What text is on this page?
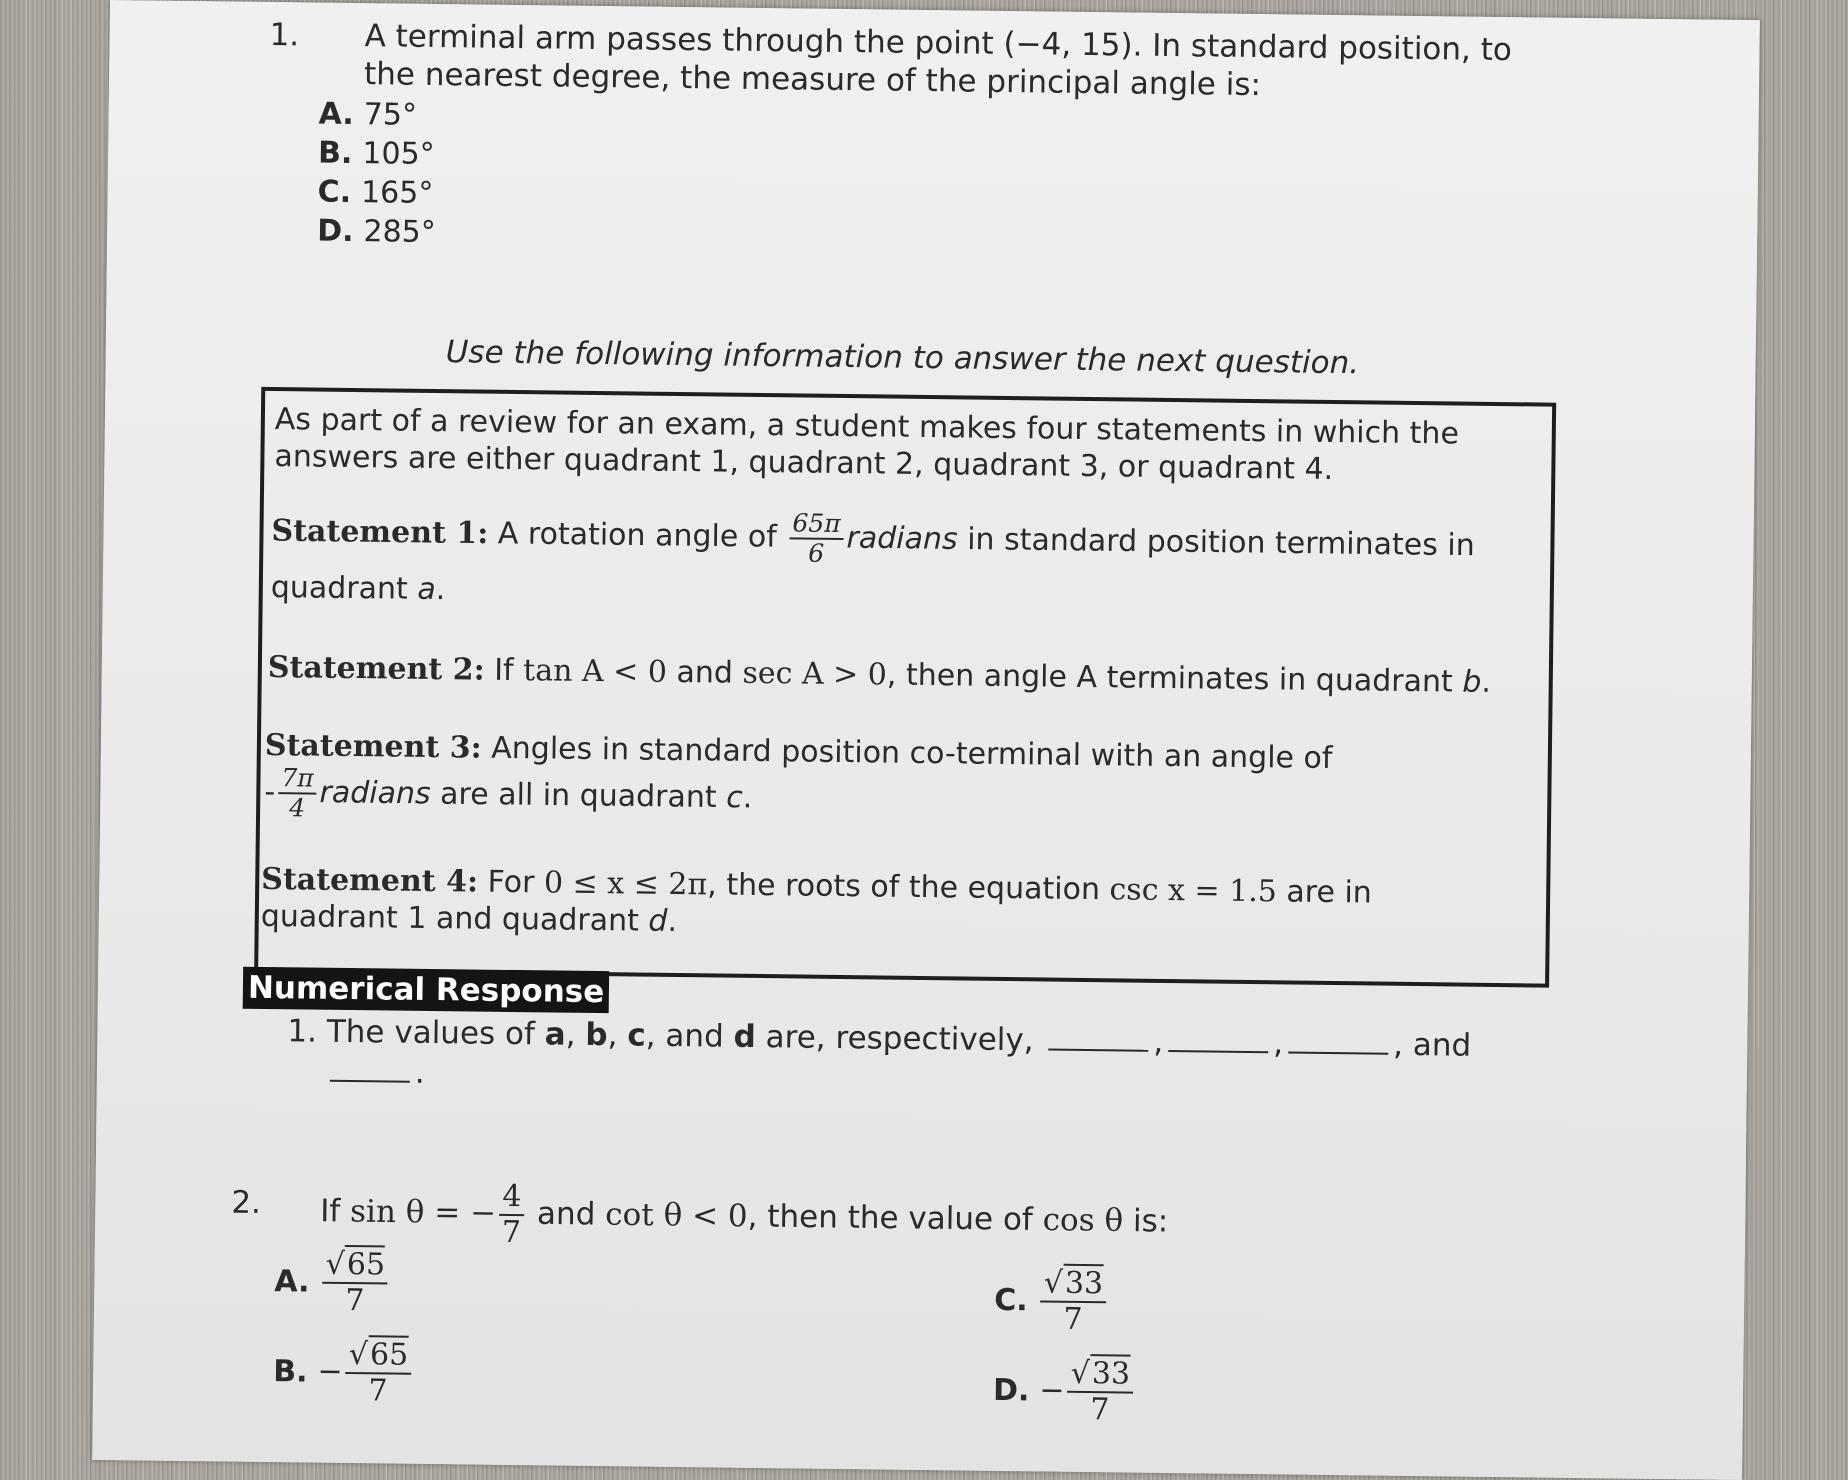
1. A terminal arm passes through the point (−4, 15). In standard position, to
the nearest degree, the measure of the principal angle is:
A. 75°
B. 105°
C. 165°
D. 285°
Use the following information to answer the next question.
As part of a review for an exam, a student makes four statements in which the
answers are either quadrant 1, quadrant 2, quadrant 3, or quadrant 4.
Statement 1: A rotation angle of $\frac{65\pi}{6}$ radians in standard position terminates in
quadrant a.
Statement 2: If tan A < 0 and sec A > 0, then angle A terminates in quadrant b.
Statement 3: Angles in standard position co-terminal with an angle of
- $\frac{7\pi}{4}$ radians are all in quadrant c.
Statement 4: For 0 ≤ x ≤ 2π, the roots of the equation csc x = 1.5 are in
quadrant 1 and quadrant d.
Numerical Response
1. The values of a, b, c, and d are, respectively,	,	,	, and
.
2. If sin θ = − $\frac{4}{7}$ and cot θ < 0, then the value of cos θ is:
A. $\frac{√65}{7}$
B. − $\frac{√65}{7}$
C. $\frac{√33}{7}$
D. − $\frac{√33}{7}$
